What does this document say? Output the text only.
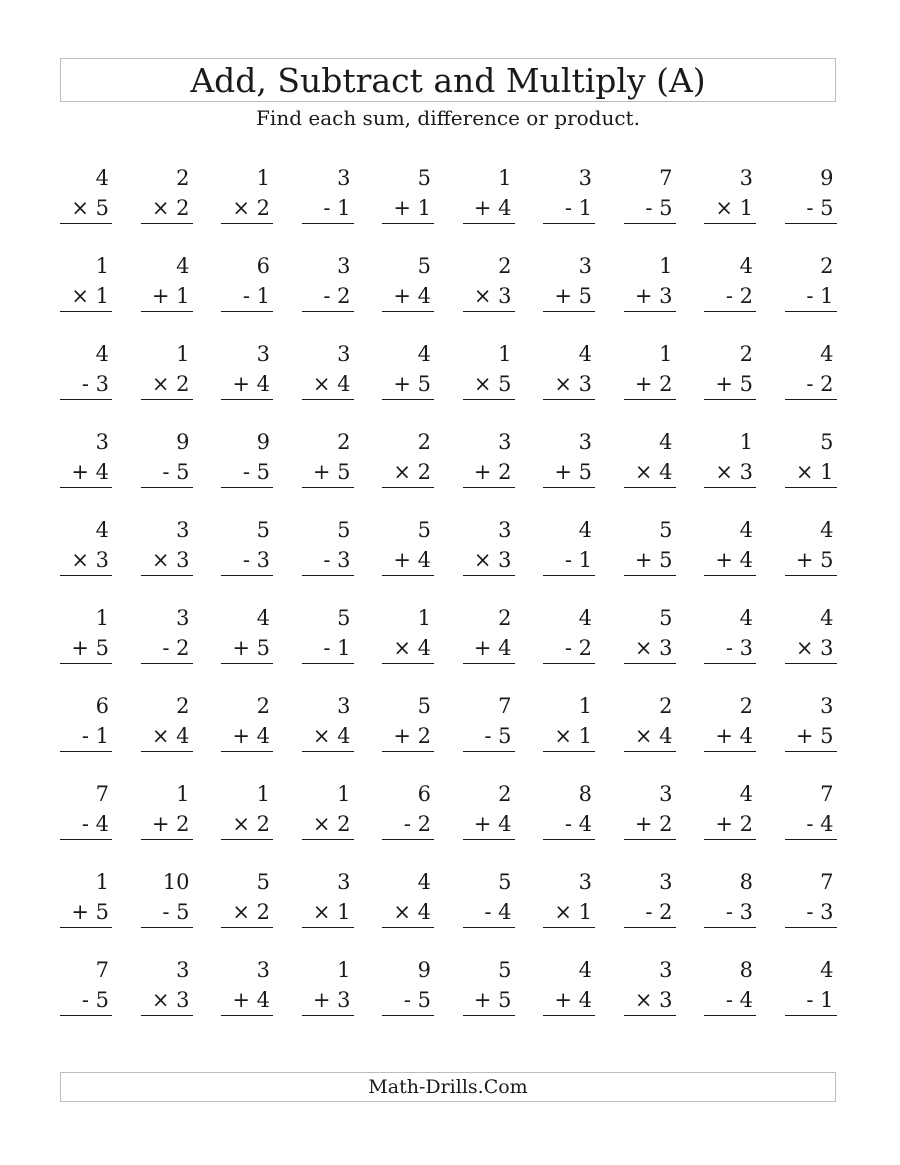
Add, Subtract and Multiply (A)
Find each sum, difference or product.
4
× 5
2
× 2
1
× 2
3
- 1
5
+ 1
1
+ 4
3
- 1
7
- 5
3
× 1
9
- 5
1
× 1
4
+ 1
6
- 1
3
- 2
5
+ 4
2
× 3
3
+ 5
1
+ 3
4
- 2
2
- 1
4
- 3
1
× 2
3
+ 4
3
× 4
4
+ 5
1
× 5
4
× 3
1
+ 2
2
+ 5
4
- 2
3
+ 4
9
- 5
9
- 5
2
+ 5
2
× 2
3
+ 2
3
+ 5
4
× 4
1
× 3
5
× 1
4
× 3
3
× 3
5
- 3
5
- 3
5
+ 4
3
× 3
4
- 1
5
+ 5
4
+ 4
4
+ 5
1
+ 5
3
- 2
4
+ 5
5
- 1
1
× 4
2
+ 4
4
- 2
5
× 3
4
- 3
4
× 3
6
- 1
2
× 4
2
+ 4
3
× 4
5
+ 2
7
- 5
1
× 1
2
× 4
2
+ 4
3
+ 5
7
- 4
1
+ 2
1
× 2
1
× 2
6
- 2
2
+ 4
8
- 4
3
+ 2
4
+ 2
7
- 4
1
+ 5
10
- 5
5
× 2
3
× 1
4
× 4
5
- 4
3
× 1
3
- 2
8
- 3
7
- 3
7
- 5
3
× 3
3
+ 4
1
+ 3
9
- 5
5
+ 5
4
+ 4
3
× 3
8
- 4
4
- 1
Math-Drills.Com
